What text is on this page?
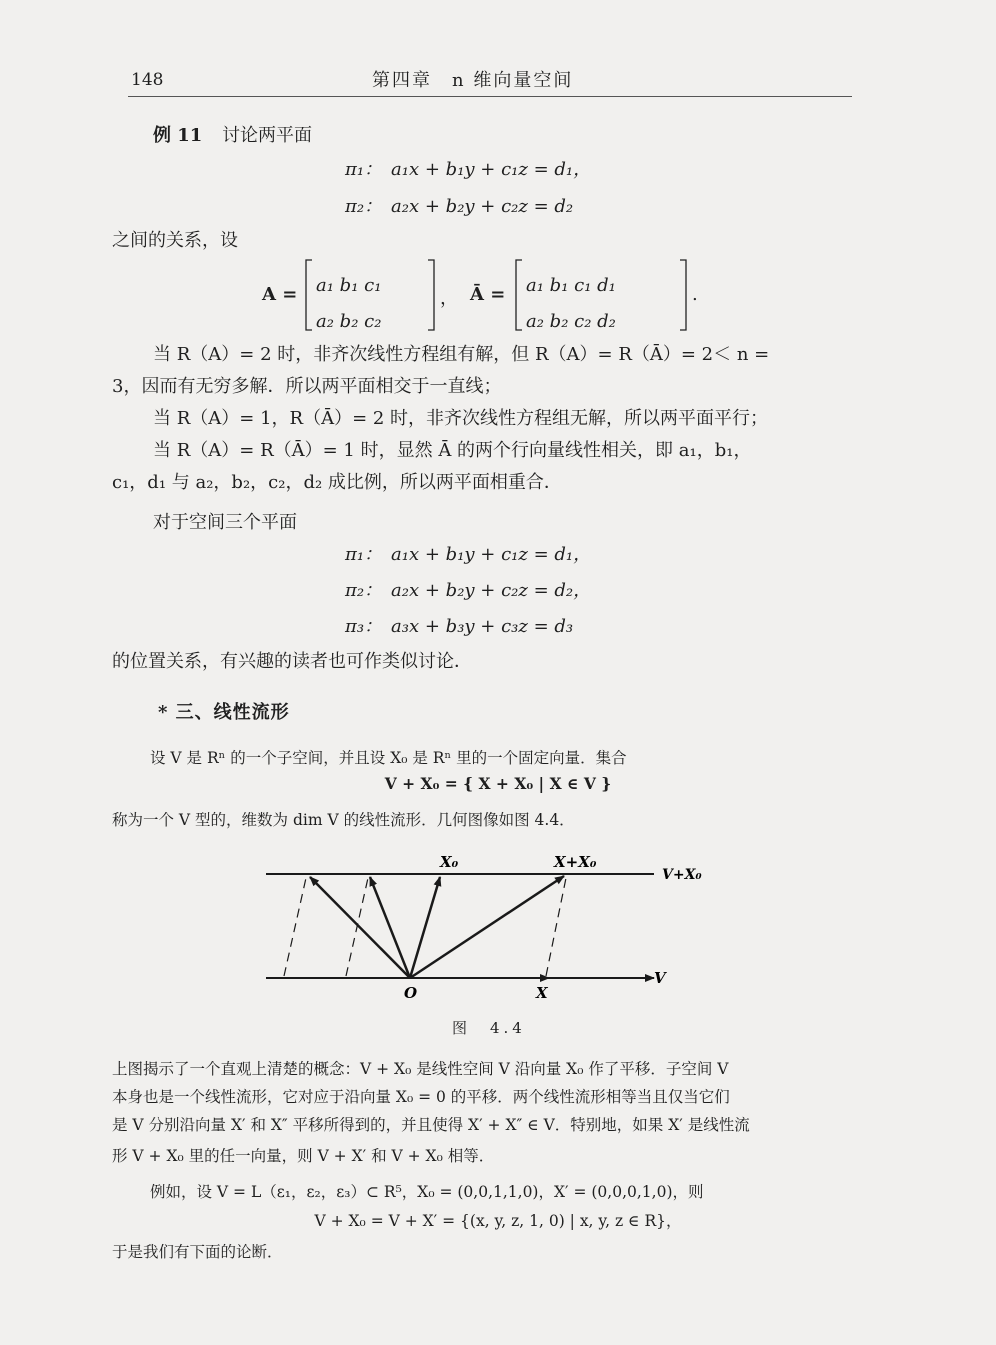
148	第四章　n 维向量空间
例 11 讨论两平面
π₁：　a₁x + b₁y + c₁z = d₁，
π₂：　a₂x + b₂y + c₂z = d₂
之间的关系，设
A = a₁ b₁ c₁
a₂ b₂ c₂
， Ā = a₁ b₁ c₁ d₁
a₂ b₂ c₂ d₂
.
当 R（A）= 2 时，非齐次线性方程组有解，但 R（A）= R（Ā）= 2＜ n =
3，因而有无穷多解．所以两平面相交于一直线；
当 R（A）= 1，R（Ā）= 2 时，非齐次线性方程组无解，所以两平面平行；
当 R（A）= R（Ā）= 1 时，显然 Ā 的两个行向量线性相关，即 a₁，b₁，
c₁，d₁ 与 a₂，b₂，c₂，d₂ 成比例，所以两平面相重合．
对于空间三个平面
π₁：　a₁x + b₁y + c₁z = d₁，
π₂：　a₂x + b₂y + c₂z = d₂，
π₃：　a₃x + b₃y + c₃z = d₃
的位置关系，有兴趣的读者也可作类似讨论．
* 三、线性流形
设 V 是 Rⁿ 的一个子空间，并且设 X₀ 是 Rⁿ 里的一个固定向量．集合
V + X₀ = { X + X₀ | X ∈ V }
称为一个 V 型的，维数为 dim V 的线性流形．几何图像如图 4.4．
X₀	X+X₀
V+X₀
O	X
V
图　4.4
上图揭示了一个直观上清楚的概念：V + X₀ 是线性空间 V 沿向量 X₀ 作了平移．子空间 V
本身也是一个线性流形，它对应于沿向量 X₀ = 0 的平移．两个线性流形相等当且仅当它们
是 V 分别沿向量 X′ 和 X″ 平移所得到的，并且使得 X′ + X″ ∈ V．特别地，如果 X′ 是线性流
形 V + X₀ 里的任一向量，则 V + X′ 和 V + X₀ 相等．
例如，设 V = L（ε₁，ε₂，ε₃）⊂ R⁵，X₀ = (0,0,1,1,0)，X′ = (0,0,0,1,0)，则
V + X₀ = V + X′ = {(x, y, z, 1, 0) | x, y, z ∈ R}，
于是我们有下面的论断．
